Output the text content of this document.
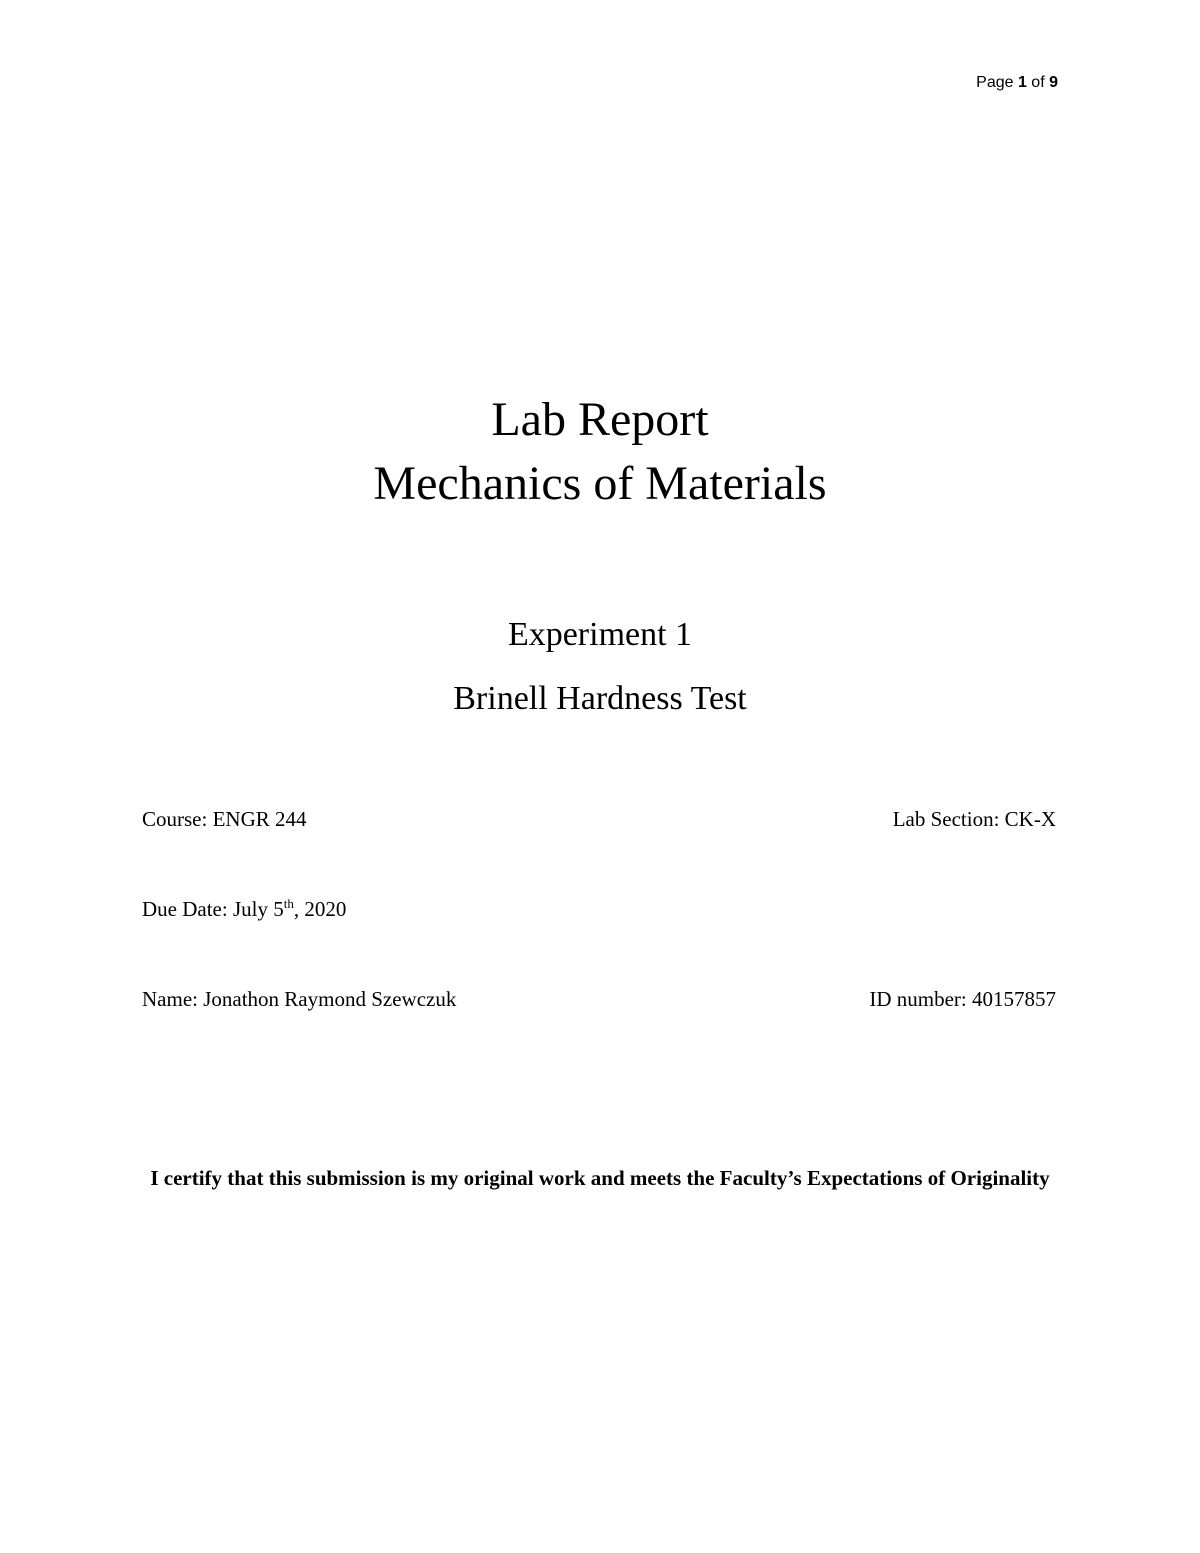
Page 1 of 9
Lab Report
Mechanics of Materials
Experiment 1
Brinell Hardness Test
Course: ENGR 244	Lab Section: CK-X
Due Date: July 5th, 2020
Name: Jonathon Raymond Szewczuk	ID number: 40157857
I certify that this submission is my original work and meets the Faculty’s Expectations of Originality
